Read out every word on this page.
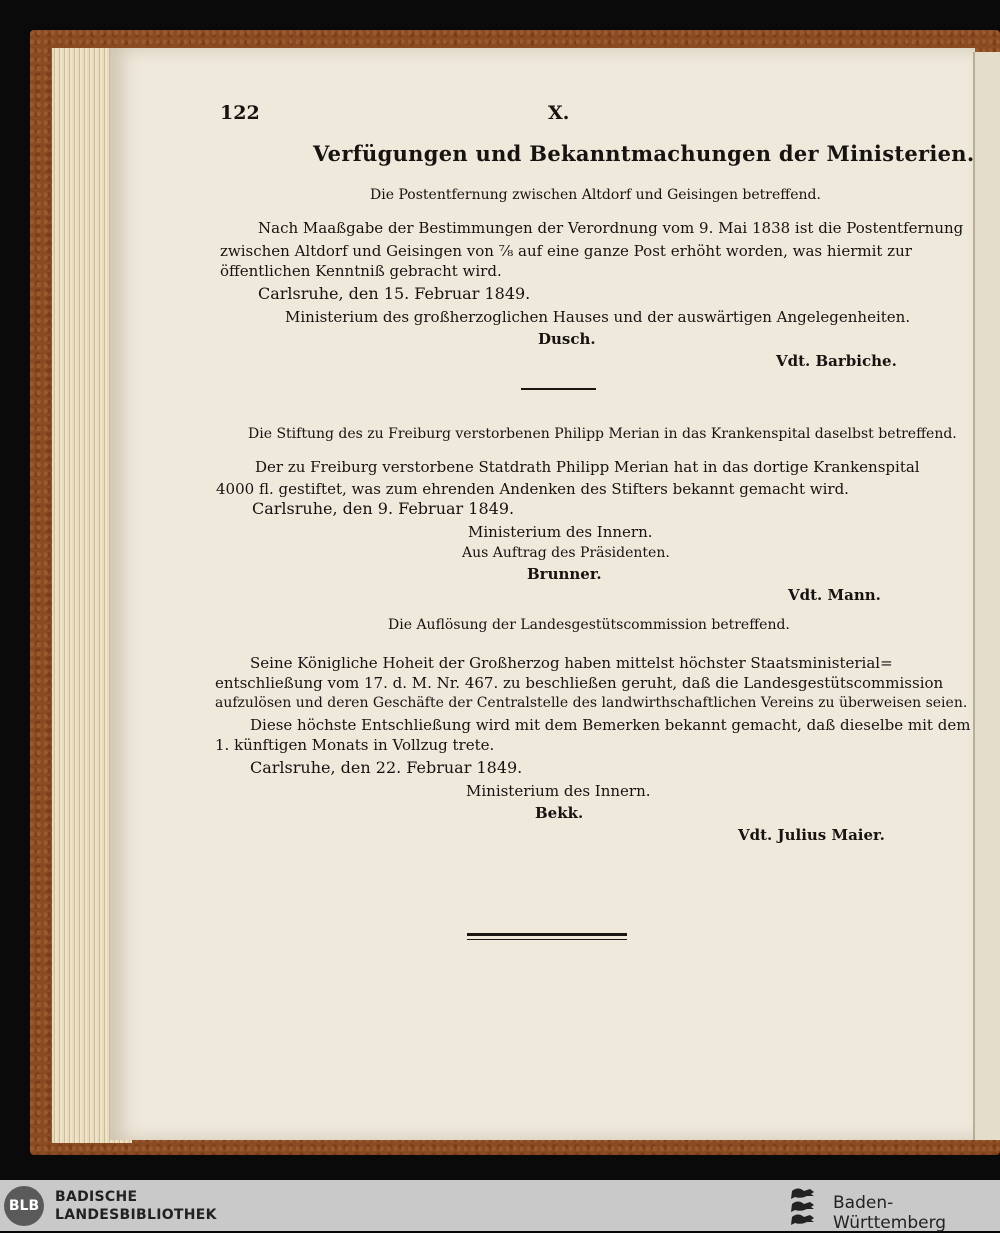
122	X.
Verfügungen und Bekanntmachungen der Ministerien.
Die Postentfernung zwischen Altdorf und Geisingen betreffend.
Nach Maaßgabe der Bestimmungen der Verordnung vom 9. Mai 1838 ist die Postentfernung
zwischen Altdorf und Geisingen von ⁷⁄₈ auf eine ganze Post erhöht worden, was hiermit zur
öffentlichen Kenntniß gebracht wird.
Carlsruhe, den 15. Februar 1849.
Ministerium des großherzoglichen Hauses und der auswärtigen Angelegenheiten.
Dusch.
Vdt. Barbiche.
Die Stiftung des zu Freiburg verstorbenen Philipp Merian in das Krankenspital daselbst betreffend.
Der zu Freiburg verstorbene Statdrath Philipp Merian hat in das dortige Krankenspital
4000 fl. gestiftet, was zum ehrenden Andenken des Stifters bekannt gemacht wird.
Carlsruhe, den 9. Februar 1849.
Ministerium des Innern.
Aus Auftrag des Präsidenten.
Brunner.
Vdt. Mann.
Die Auflösung der Landesgestütscommission betreffend.
Seine Königliche Hoheit der Großherzog haben mittelst höchster Staatsministerial=
entschließung vom 17. d. M. Nr. 467. zu beschließen geruht, daß die Landesgestütscommission
aufzulösen und deren Geschäfte der Centralstelle des landwirthschaftlichen Vereins zu überweisen seien.
Diese höchste Entschließung wird mit dem Bemerken bekannt gemacht, daß dieselbe mit dem
1. künftigen Monats in Vollzug trete.
Carlsruhe, den 22. Februar 1849.
Ministerium des Innern.
Bekk.
Vdt. Julius Maier.
BLB
BADISCHE
LANDESBIBLIOTHEK
Baden-Württemberg
